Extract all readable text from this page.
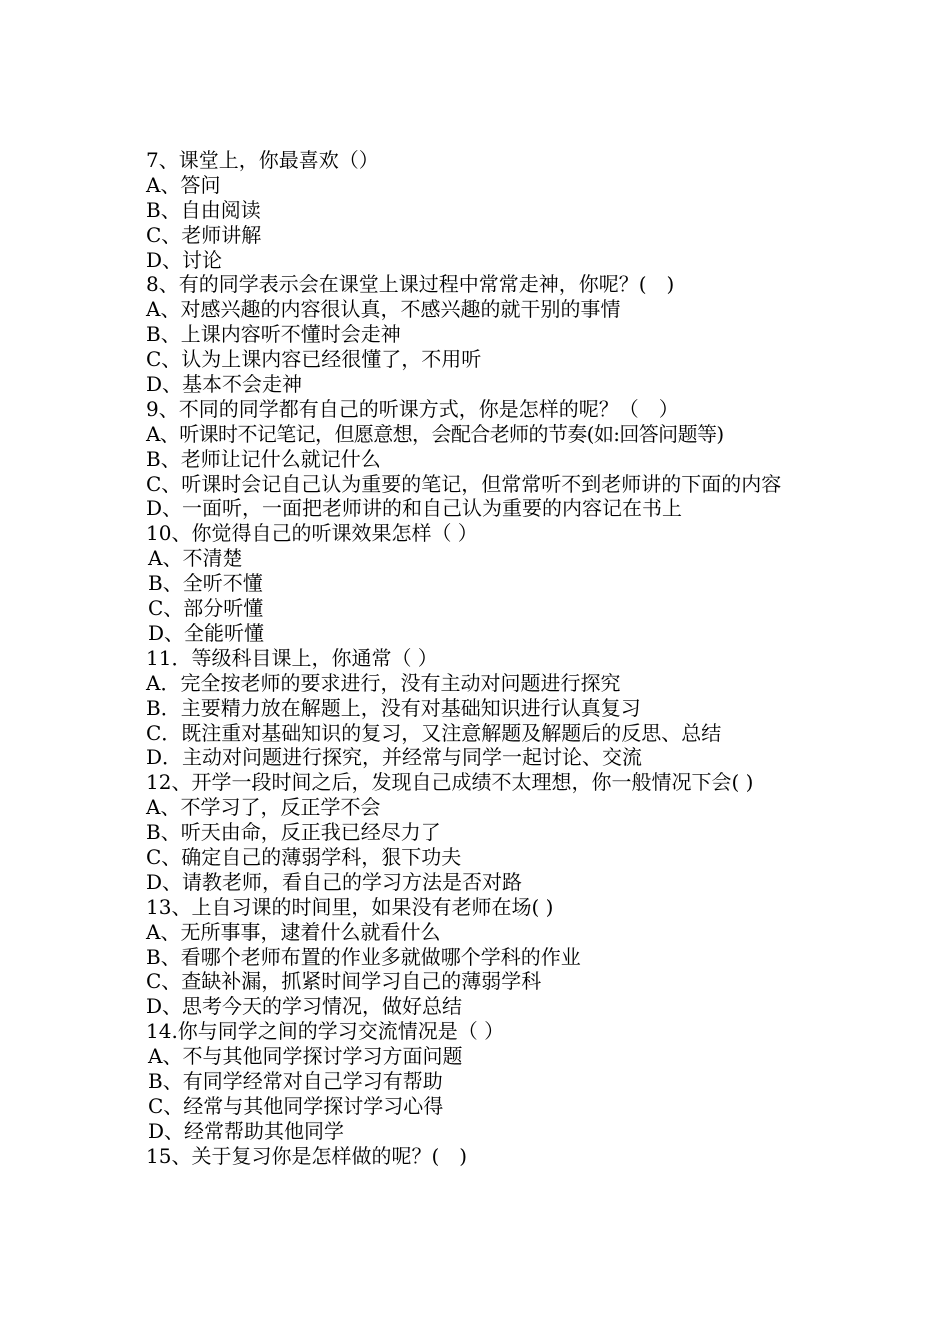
7、课堂上，你最喜欢（）
A、答问
B、自由阅读
C、老师讲解
D、讨论
8、有的同学表示会在课堂上课过程中常常走神，你呢？(　)
A、对感兴趣的内容很认真，不感兴趣的就干别的事情
B、上课内容听不懂时会走神
C、认为上课内容已经很懂了，不用听
D、基本不会走神
9、不同的同学都有自己的听课方式，你是怎样的呢？（　）
A、听课时不记笔记，但愿意想，会配合老师的节奏(如:回答问题等)
B、老师让记什么就记什么
C、听课时会记自己认为重要的笔记，但常常听不到老师讲的下面的内容
D、一面听，一面把老师讲的和自己认为重要的内容记在书上
10、你觉得自己的听课效果怎样（ ）
A、不清楚
B、全听不懂
C、部分听懂
D、全能听懂
11．等级科目课上，你通常（ ）
A．完全按老师的要求进行，没有主动对问题进行探究
B．主要精力放在解题上，没有对基础知识进行认真复习
C．既注重对基础知识的复习，又注意解题及解题后的反思、总结
D．主动对问题进行探究，并经常与同学一起讨论、交流
12、开学一段时间之后，发现自己成绩不太理想，你一般情况下会( )
A、不学习了，反正学不会
B、听天由命，反正我已经尽力了
C、确定自己的薄弱学科，狠下功夫
D、请教老师，看自己的学习方法是否对路
13、上自习课的时间里，如果没有老师在场( )
A、无所事事，逮着什么就看什么
B、看哪个老师布置的作业多就做哪个学科的作业
C、查缺补漏，抓紧时间学习自己的薄弱学科
D、思考今天的学习情况，做好总结
14.你与同学之间的学习交流情况是（ ）
A、不与其他同学探讨学习方面问题
B、有同学经常对自己学习有帮助
C、经常与其他同学探讨学习心得
D、经常帮助其他同学
15、关于复习你是怎样做的呢？(　)
